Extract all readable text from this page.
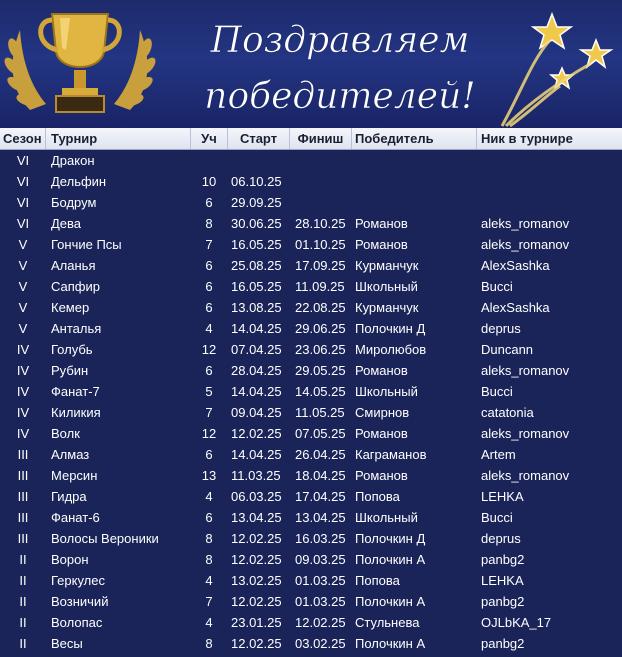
Поздравляем
победителей!
Сезон Турнир	Уч	Старт	Финиш Победитель	Ник в турнире
VI	Дракон
VI	Дельфин	10	06.10.25
VI	Бодрум	6	29.09.25
VI	Дева	8	30.06.25	28.10.25 Романов	aleks_romanov
V	Гончие Псы	7	16.05.25	01.10.25 Романов	aleks_romanov
V	Аланья	6	25.08.25	17.09.25 Курманчук	AlexSashka
V	Сапфир	6	16.05.25	11.09.25 Школьный	Bucci
V	Кемер	6	13.08.25	22.08.25 Курманчук	AlexSashka
V	Анталья	4	14.04.25	29.06.25 Полочкин Д	deprus
IV	Голубь	12	07.04.25	23.06.25 Миролюбов	Duncann
IV	Рубин	6	28.04.25	29.05.25 Романов	aleks_romanov
IV	Фанат-7	5	14.04.25	14.05.25 Школьный	Bucci
IV	Киликия	7	09.04.25	11.05.25 Смирнов	catatonia
IV	Волк	12	12.02.25	07.05.25 Романов	aleks_romanov
III	Алмаз	6	14.04.25	26.04.25 Каграманов	Artem
III	Мерсин	13	11.03.25	18.04.25 Романов	aleks_romanov
III	Гидра	4	06.03.25	17.04.25 Попова	LEHKA
III	Фанат-6	6	13.04.25	13.04.25 Школьный	Bucci
III	Волосы Вероники	8	12.02.25	16.03.25 Полочкин Д	deprus
II	Ворон	8	12.02.25	09.03.25 Полочкин А	panbg2
II	Геркулес	4	13.02.25	01.03.25 Попова	LEHKA
II	Возничий	7	12.02.25	01.03.25 Полочкин А	panbg2
II	Волопас	4	23.01.25	12.02.25 Стульнева	OJLbKA_17
II	Весы	8	12.02.25	03.02.25 Полочкин А	panbg2
